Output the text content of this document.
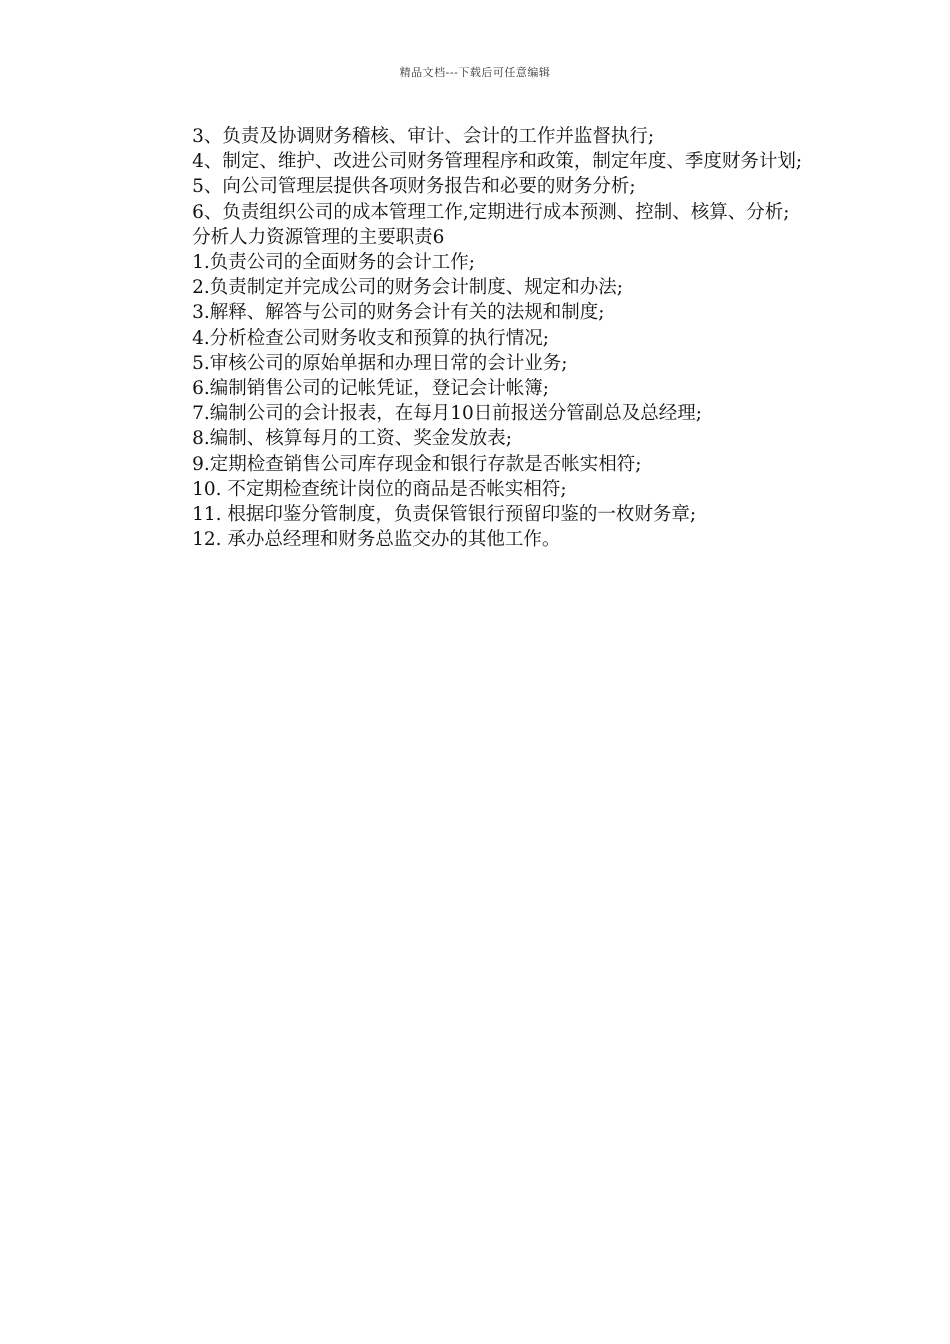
精品文档---下载后可任意编辑

3、负责及协调财务稽核、审计、会计的工作并监督执行;

4、制定、维护、改进公司财务管理程序和政策，制定年度、季度财务计划;

5、向公司管理层提供各项财务报告和必要的财务分析;

6、负责组织公司的成本管理工作,定期进行成本预测、控制、核算、分析;

分析人力资源管理的主要职责6

1.负责公司的全面财务的会计工作;

2.负责制定并完成公司的财务会计制度、规定和办法;

3.解释、解答与公司的财务会计有关的法规和制度;

4.分析检查公司财务收支和预算的执行情况;

5.审核公司的原始单据和办理日常的会计业务;

6.编制销售公司的记帐凭证，登记会计帐簿;

7.编制公司的会计报表，在每月10日前报送分管副总及总经理;

8.编制、核算每月的工资、奖金发放表;

9.定期检查销售公司库存现金和银行存款是否帐实相符;

10. 不定期检查统计岗位的商品是否帐实相符;

11. 根据印鉴分管制度，负责保管银行预留印鉴的一枚财务章;

12. 承办总经理和财务总监交办的其他工作。
